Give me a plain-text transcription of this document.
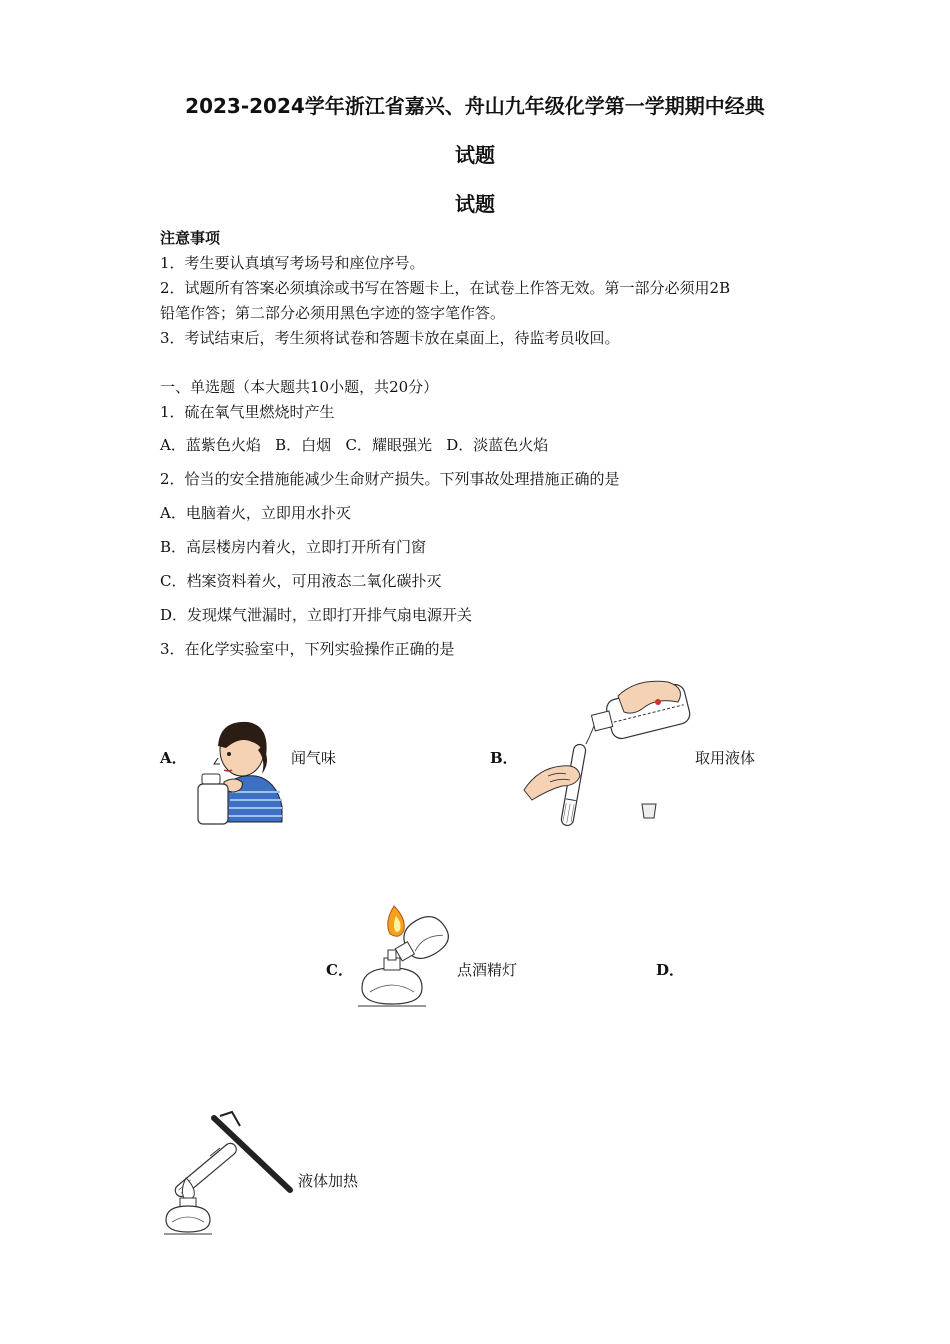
2023-2024学年浙江省嘉兴、舟山九年级化学第一学期期中经典
试题
试题
注意事项
1．考生要认真填写考场号和座位序号。
2．试题所有答案必须填涂或书写在答题卡上，在试卷上作答无效。第一部分必须用2B
铅笔作答；第二部分必须用黑色字迹的签字笔作答。
3．考试结束后，考生须将试卷和答题卡放在桌面上，待监考员收回。
一、单选题（本大题共10小题，共20分）
1．硫在氧气里燃烧时产生
A．蓝紫色火焰   B．白烟   C．耀眼强光   D．淡蓝色火焰
2．恰当的安全措施能减少生命财产损失。下列事故处理措施正确的是
A．电脑着火，立即用水扑灭
B．高层楼房内着火，立即打开所有门窗
C．档案资料着火，可用液态二氧化碳扑灭
D．发现煤气泄漏时，立即打开排气扇电源开关
3．在化学实验室中，下列实验操作正确的是
A．	闻气味	B．	取用液体
C．	点酒精灯	D．
液体加热
